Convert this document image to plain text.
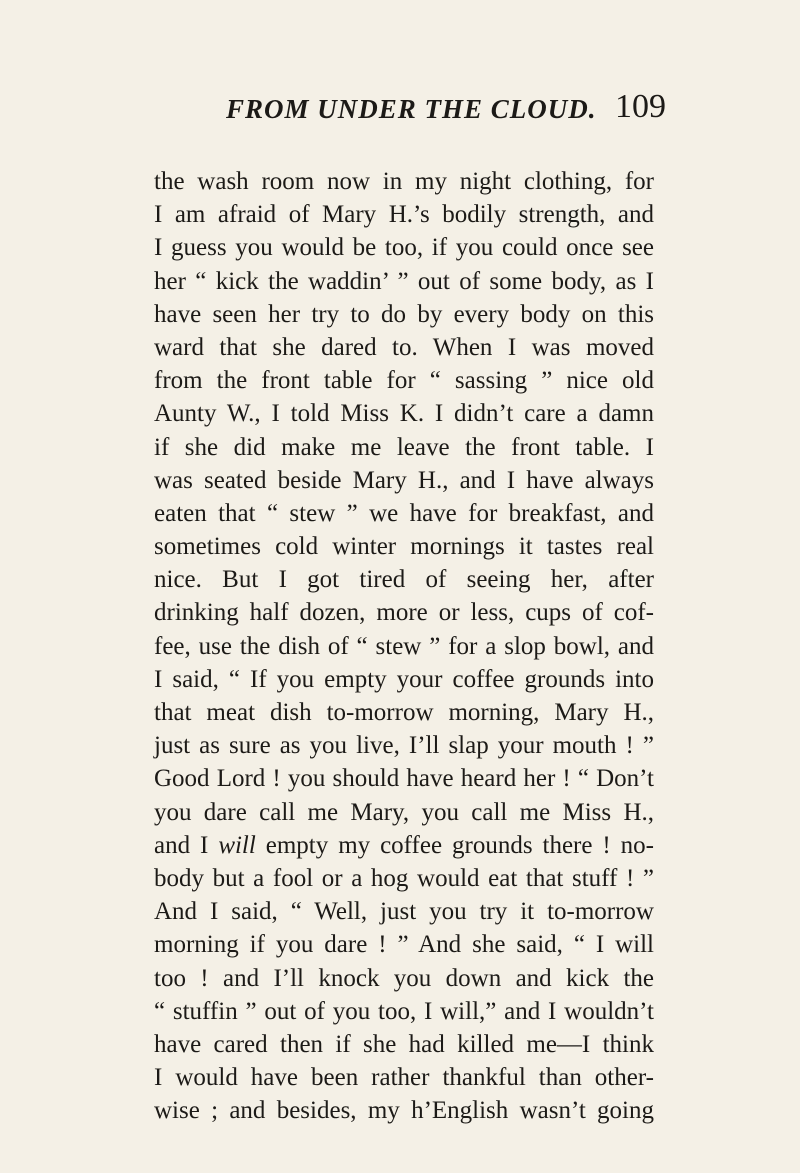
FROM UNDER THE CLOUD. 109
the wash room now in my night clothing, for
I am afraid of Mary H.’s bodily strength, and
I guess you would be too, if you could once see
her “ kick the waddin’ ” out of some body, as I
have seen her try to do by every body on this
ward that she dared to. When I was moved
from the front table for “ sassing ” nice old
Aunty W., I told Miss K. I didn’t care a damn
if she did make me leave the front table. I
was seated beside Mary H., and I have always
eaten that “ stew ” we have for breakfast, and
sometimes cold winter mornings it tastes real
nice. But I got tired of seeing her, after
drinking half dozen, more or less, cups of cof-
fee, use the dish of “ stew ” for a slop bowl, and
I said, “ If you empty your coffee grounds into
that meat dish to-morrow morning, Mary H.,
just as sure as you live, I’ll slap your mouth ! ”
Good Lord ! you should have heard her ! “ Don’t
you dare call me Mary, you call me Miss H.,
and I will empty my coffee grounds there ! no-
body but a fool or a hog would eat that stuff ! ”
And I said, “ Well, just you try it to-morrow
morning if you dare ! ” And she said, “ I will
too ! and I’ll knock you down and kick the
“ stuffin ” out of you too, I will,” and I wouldn’t
have cared then if she had killed me—I think
I would have been rather thankful than other-
wise ; and besides, my h’English wasn’t going
